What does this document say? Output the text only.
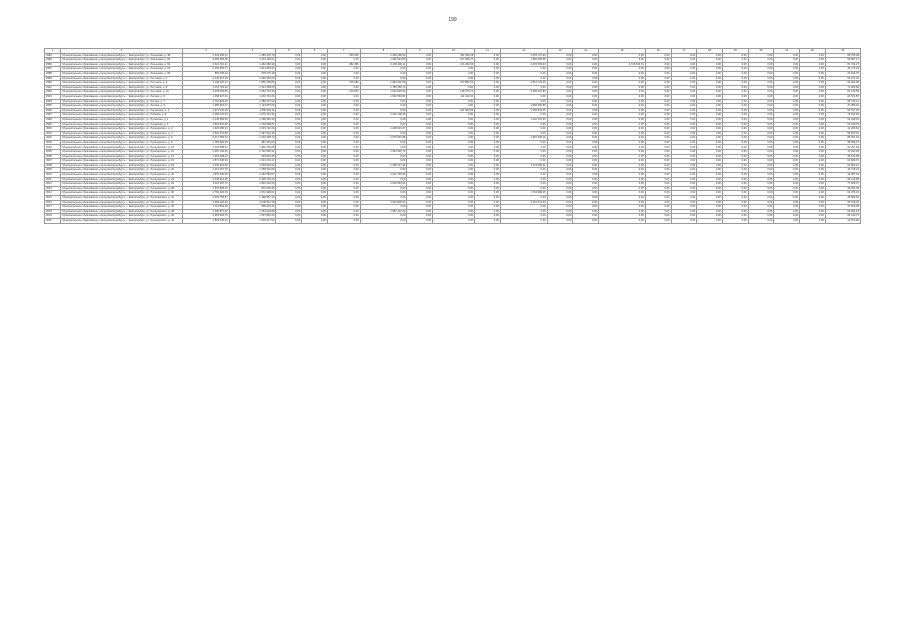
199
1	2	3	4	5	6	7	8	9	10	11	12	13	14	15	16	17	18	19	20	21	22	23
2984	Муниципальное образование «город Екатеринбург», г. Екатеринбург, ул. Латышева, д. 48	2 543 305,21	1 485 376,79	0,00	0,00	786 605	2 439 298,62	0,00	351 956,28	0,00	2 978 176,90	0,00	0,00	0,00	0,00	0,00	0,00	0,00	0,00	0,00	0,00	84 765,48
2985	Муниципальное образование «город Екатеринбург», г. Екатеринбург, ул. Латышева, д. 50	3 450 065,48	1 207 428,61	0,00	0,00	0,00	1 460 543,83	0,00	247 845,27	0,00	1 866 405,58	0,00	0,00	0,00	0,00	0,00	0,00	0,00	0,00	0,00	0,00	53 087,17
2986	Муниципальное образование «город Екатеринбург», г. Екатеринбург, ул. Латышева, д. 52	3 421 716,41	1 462 384,39	0,00	0,00	382 456	2 165 490,11	0,00	316 452,66	0,00	2 415 605,90	0,00	0,00	1 715 643,51	0,00	0,00	0,00	0,00	0,00	0,00	0,00	81 744,27
2987	Муниципальное образование «город Екатеринбург», г. Екатеринбург, ул. Латышева, д. 54	2 452 680,71	1 814 683,32	0,00	0,00	0,00	0,00	0,00	0,00	0,00	0,00	0,00	0,00	0,00	0,00	0,00	0,00	0,00	0,00	0,00	0,00	46 176,25
2988	Муниципальное образование «город Екатеринбург», г. Екатеринбург, ул. Латышева, д. 56	865 156,22	578 476,18	0,00	0,00	0,00	0,00	0,00	0,00	0,00	0,00	0,00	0,00	0,00	0,00	0,00	0,00	0,00	0,00	0,00	0,00	27 014,75
2989	Муниципальное образование «город Екатеринбург», г. Екатеринбург, ул. Летчиков, д. 4	2 144 512,46	1 094 452,09	0,00	0,00	0,00	0,00	0,00	0,00	0,00	0,00	0,00	0,00	0,00	0,00	0,00	0,00	0,00	0,00	0,00	0,00	59 271,40
2990	Муниципальное образование «город Екатеринбург», г. Екатеринбург, ул. Летчиков, д. 6	3 194 120,13	1 856 795,80	0,00	0,00	475 082	2 964 902,58	0,00	373 851,54	0,00	2 812 724,66	0,00	0,00	0,00	0,00	0,00	0,00	0,00	0,00	0,00	0,00	96 462,28
2991	Муниципальное образование «город Екатеринбург», г. Екатеринбург, ул. Летчиков, д. 8	3 151 704,92	1 314 259,65	0,00	0,00	0,00	1 786 356,73	0,00	0,00	0,00	0,00	0,00	0,00	0,00	0,00	0,00	0,00	0,00	0,00	0,00	0,00	71 465,84
2992	Муниципальное образование «город Екатеринбург», г. Екатеринбург, ул. Летчиков, д. 10	2 478 093,80	1 664 733,48	0,00	0,00	279 810	2 040 826,04	0,00	148 375,70	0,00	2 395 407,86	0,00	0,00	0,00	0,00	0,00	0,00	0,00	0,00	0,00	0,00	81 130,59
2993	Муниципальное образование «город Екатеринбург», г. Екатеринбург, ул. Лесная, д. 5	1 468 927,31	1 002 764,26	0,00	0,00	0,00	1 602 560,80	0,00	111 422,10	0,00	0,00	0,00	0,00	0,00	0,00	0,00	0,00	0,00	0,00	0,00	0,00	22 574,56
2994	Муниципальное образование «город Екатеринбург», г. Екатеринбург, ул. Лесная, д. 7	2 761 834,45	1 386 207,62	0,00	0,00	0,00	0,00	0,00	0,00	0,00	0,00	0,00	0,00	0,00	0,00	0,00	0,00	0,00	0,00	0,00	0,00	58 743,12
2995	Муниципальное образование «город Екатеринбург», г. Екатеринбург, ул. Лесная, д. 9	1 986 564,17	1 124 875,09	0,00	0,00	0,00	0,00	0,00	0,00	0,00	1 868 406,88	0,00	0,00	0,00	0,00	0,00	0,00	0,00	0,00	0,00	0,00	47 380,91
2996	Муниципальное образование «город Екатеринбург», г. Екатеринбург, ул. Лесоводов, д. 2	2 673 042,18	1 459 023,11	0,00	0,00	0,00	0,00	0,00	421 563,83	0,00	1 265 844,05	0,00	0,00	0,00	0,00	0,00	0,00	0,00	0,00	0,00	0,00	60 517,26
2997	Муниципальное образование «город Екатеринбург», г. Екатеринбург, ул. Лобкова, д. 9	3 058 721,09	1 675 144,32	0,00	0,00	0,00	2 316 708,15	0,00	0,00	0,00	0,00	0,00	0,00	0,00	0,00	0,00	0,00	0,00	0,00	0,00	0,00	73 812,90
2998	Муниципальное образование «город Екатеринбург», г. Екатеринбург, ул. Луганская, д. 1	2 145 683,56	1 298 366,19	0,00	0,00	0,00	0,00	0,00	0,00	0,00	1 432 716,40	0,00	0,00	0,00	0,00	0,00	0,00	0,00	0,00	0,00	0,00	52 046,33
2999	Муниципальное образование «город Екатеринбург», г. Екатеринбург, ул. Луганская, д. 3	2 815 367,20	1 702 598,87	0,00	0,00	0,00	0,00	0,00	0,00	0,00	0,00	0,00	0,00	0,00	0,00	0,00	0,00	0,00	0,00	0,00	0,00	62 318,75
3000	Муниципальное образование «город Екатеринбург», г. Екатеринбург, ул. Луначарского, д. 2	1 926 480,13	1 015 722,46	0,00	0,00	0,00	1 248 913,07	0,00	0,00	0,00	0,00	0,00	0,00	0,00	0,00	0,00	0,00	0,00	0,00	0,00	0,00	41 209,64
3001	Муниципальное образование «город Екатеринбург», г. Екатеринбург, ул. Луначарского, д. 4	2 534 719,80	1 487 061,35	0,00	0,00	0,00	0,00	0,00	0,00	0,00	0,00	0,00	0,00	0,00	0,00	0,00	0,00	0,00	0,00	0,00	0,00	56 873,19
3002	Муниципальное образование «город Екатеринбург», г. Екатеринбург, ул. Луначарского, д. 6	3 217 056,44	1 904 338,72	0,00	0,00	0,00	2 075 640,88	0,00	0,00	0,00	1 987 205,16	0,00	0,00	0,00	0,00	0,00	0,00	0,00	0,00	0,00	0,00	88 451,02
3003	Муниципальное образование «город Екатеринбург», г. Екатеринбург, ул. Луначарского, д. 8	1 783 692,05	987 451,60	0,00	0,00	0,00	0,00	0,00	0,00	0,00	0,00	0,00	0,00	0,00	0,00	0,00	0,00	0,00	0,00	0,00	0,00	38 906,47
3004	Муниципальное образование «город Екатеринбург», г. Екатеринбург, ул. Луначарского, д. 10	2 402 588,31	1 366 745,08	0,00	0,00	0,00	0,00	0,00	0,00	0,00	0,00	0,00	0,00	0,00	0,00	0,00	0,00	0,00	0,00	0,00	0,00	54 267,83
3005	Муниципальное образование «город Екатеринбург», г. Екатеринбург, ул. Луначарского, д. 12	2 987 140,66	1 722 905,31	0,00	0,00	0,00	1 934 526,72	0,00	0,00	0,00	0,00	0,00	0,00	0,00	0,00	0,00	0,00	0,00	0,00	0,00	0,00	70 331,25
3006	Муниципальное образование «город Екатеринбург», г. Екатеринбург, ул. Луначарского, д. 14	1 654 308,22	936 810,45	0,00	0,00	0,00	0,00	0,00	0,00	0,00	0,00	0,00	0,00	0,00	0,00	0,00	0,00	0,00	0,00	0,00	0,00	35 612,58
3007	Муниципальное образование «город Екатеринбург», г. Екатеринбург, ул. Луначарского, д. 16	2 871 645,94	1 613 274,17	0,00	0,00	0,00	0,00	0,00	0,00	0,00	0,00	0,00	0,00	0,00	0,00	0,00	0,00	0,00	0,00	0,00	0,00	64 829,70
3008	Муниципальное образование «город Екатеринбург», г. Екатеринбург, ул. Луначарского, д. 18	3 305 901,48	1 948 620,93	0,00	0,00	0,00	2 208 417,36	0,00	0,00	0,00	2 113 609,41	0,00	0,00	0,00	0,00	0,00	0,00	0,00	0,00	0,00	0,00	91 504,16
3009	Муниципальное образование «город Екатеринбург», г. Екатеринбург, ул. Луначарского, д. 20	2 219 467,75	1 258 301,84	0,00	0,00	0,00	0,00	0,00	0,00	0,00	0,00	0,00	0,00	0,00	0,00	0,00	0,00	0,00	0,00	0,00	0,00	49 718,24
3010	Муниципальное образование «город Екатеринбург», г. Екатеринбург, ул. Луначарского, д. 22	1 875 230,09	1 062 584,57	0,00	0,00	0,00	1 312 748,90	0,00	0,00	0,00	0,00	0,00	0,00	0,00	0,00	0,00	0,00	0,00	0,00	0,00	0,00	43 287,61
3011	Муниципальное образование «город Екатеринбург», г. Екатеринбург, ул. Луначарского, д. 24	2 648 913,38	1 505 736,20	0,00	0,00	0,00	0,00	0,00	0,00	0,00	0,00	0,00	0,00	0,00	0,00	0,00	0,00	0,00	0,00	0,00	0,00	59 140,88
3012	Муниципальное образование «город Екатеринбург», г. Екатеринбург, ул. Луначарского, д. 26	3 112 487,72	1 834 102,66	0,00	0,00	0,00	2 018 663,54	0,00	0,00	0,00	0,00	0,00	0,00	0,00	0,00	0,00	0,00	0,00	0,00	0,00	0,00	77 925,37
3013	Муниципальное образование «город Екатеринбург», г. Екатеринбург, ул. Луначарского, д. 28	1 547 865,16	873 920,35	0,00	0,00	0,00	0,00	0,00	0,00	0,00	0,00	0,00	0,00	0,00	0,00	0,00	0,00	0,00	0,00	0,00	0,00	33 451,09
3014	Муниципальное образование «город Екатеринбург», г. Екатеринбург, ул. Луначарского, д. 30	2 781 304,53	1 572 448,02	0,00	0,00	0,00	0,00	0,00	0,00	0,00	1 764 980,15	0,00	0,00	0,00	0,00	0,00	0,00	0,00	0,00	0,00	0,00	62 076,44
3015	Муниципальное образование «город Екатеринбург», г. Екатеринбург, ул. Луначарского, д. 32	2 063 758,87	1 168 957,19	0,00	0,00	0,00	0,00	0,00	0,00	0,00	0,00	0,00	0,00	0,00	0,00	0,00	0,00	0,00	0,00	0,00	0,00	46 583,52
3016	Муниципальное образование «город Екатеринбург», г. Екатеринбург, ул. Луначарского, д. 34	3 468 120,40	2 036 511,78	0,00	0,00	0,00	2 342 805,61	0,00	0,00	0,00	2 251 374,93	0,00	0,00	0,00	0,00	0,00	0,00	0,00	0,00	0,00	0,00	95 318,20
3017	Муниципальное образование «город Екатеринбург», г. Екатеринбург, ул. Луначарского, д. 36	1 712 594,35	968 203,41	0,00	0,00	0,00	0,00	0,00	0,00	0,00	0,00	0,00	0,00	0,00	0,00	0,00	0,00	0,00	0,00	0,00	0,00	37 816,95
3018	Муниципальное образование «город Екатеринбург», г. Екатеринбург, ул. Луначарского, д. 38	2 396 871,02	1 354 629,88	0,00	0,00	0,00	1 587 316,42	0,00	0,00	0,00	0,00	0,00	0,00	0,00	0,00	0,00	0,00	0,00	0,00	0,00	0,00	53 692,18
3019	Муниципальное образование «город Екатеринбург», г. Екатеринбург, ул. Луначарского, д. 40	2 954 306,79	1 697 840,23	0,00	0,00	0,00	0,00	0,00	0,00	0,00	0,00	0,00	0,00	0,00	0,00	0,00	0,00	0,00	0,00	0,00	0,00	66 410,73
3020	Муниципальное образование «город Екатеринбург», г. Екатеринбург, ул. Луначарского, д. 42	1 829 045,61	1 036 917,52	0,00	0,00	0,00	0,00	0,00	0,00	0,00	0,00	0,00	0,00	0,00	0,00	0,00	0,00	0,00	0,00	0,00	0,00	41 873,66
